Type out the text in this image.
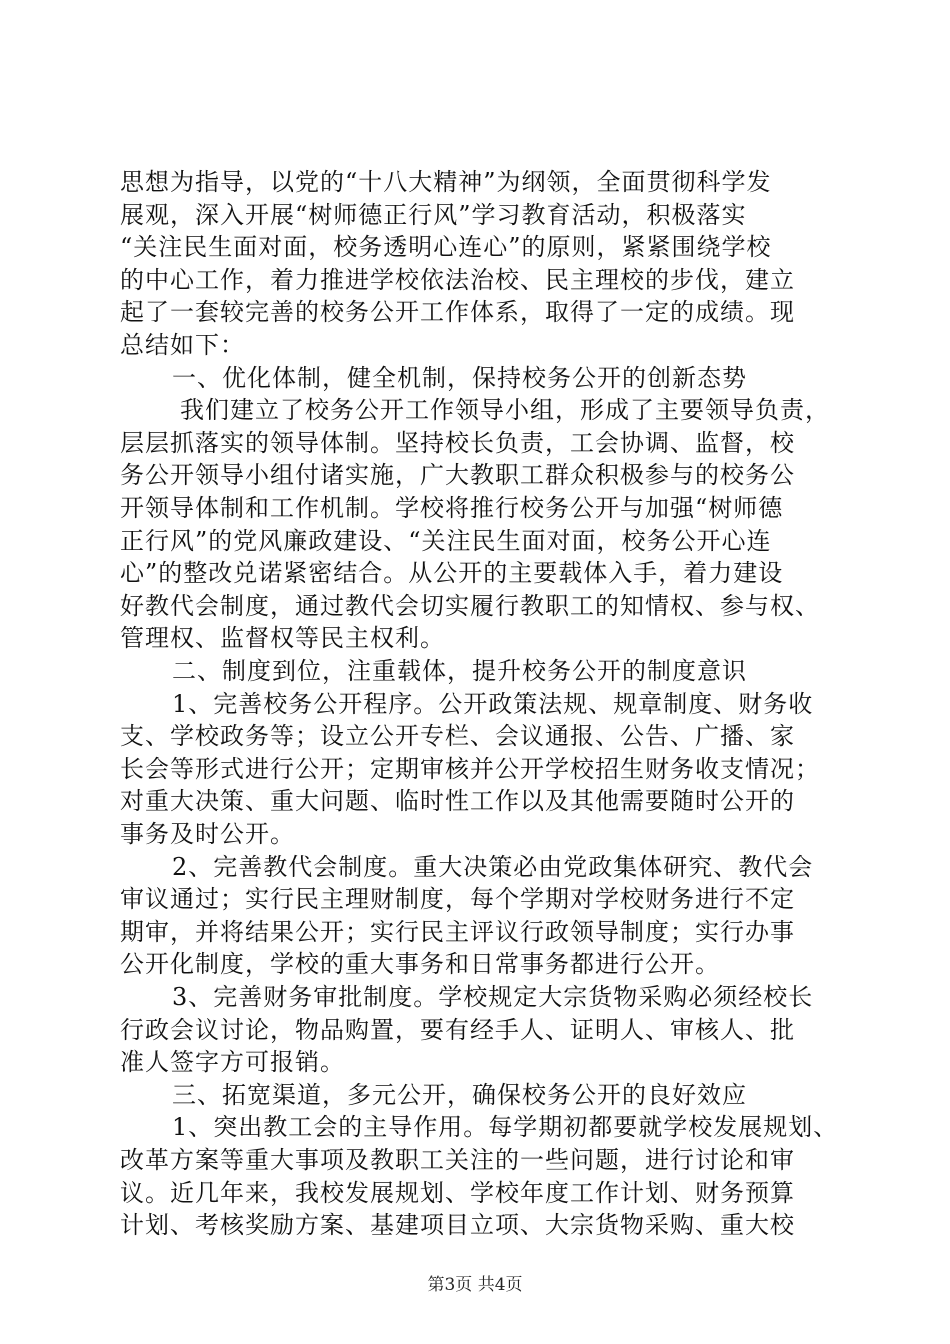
思想为指导，以党的“十八大精神”为纲领，全面贯彻科学发
展观，深入开展“树师德正行风”学习教育活动，积极落实
“关注民生面对面，校务透明心连心”的原则，紧紧围绕学校
的中心工作，着力推进学校依法治校、民主理校的步伐，建立
起了一套较完善的校务公开工作体系，取得了一定的成绩。现
总结如下：
一、优化体制，健全机制，保持校务公开的创新态势
我们建立了校务公开工作领导小组，形成了主要领导负责，
层层抓落实的领导体制。坚持校长负责，工会协调、监督，校
务公开领导小组付诸实施，广大教职工群众积极参与的校务公
开领导体制和工作机制。学校将推行校务公开与加强“树师德
正行风”的党风廉政建设、“关注民生面对面，校务公开心连
心”的整改兑诺紧密结合。从公开的主要载体入手，着力建设
好教代会制度，通过教代会切实履行教职工的知情权、参与权、
管理权、监督权等民主权利。
二、制度到位，注重载体，提升校务公开的制度意识
1、完善校务公开程序。公开政策法规、规章制度、财务收
支、学校政务等；设立公开专栏、会议通报、公告、广播、家
长会等形式进行公开；定期审核并公开学校招生财务收支情况；
对重大决策、重大问题、临时性工作以及其他需要随时公开的
事务及时公开。
2、完善教代会制度。重大决策必由党政集体研究、教代会
审议通过；实行民主理财制度，每个学期对学校财务进行不定
期审，并将结果公开；实行民主评议行政领导制度；实行办事
公开化制度，学校的重大事务和日常事务都进行公开。
3、完善财务审批制度。学校规定大宗货物采购必须经校长
行政会议讨论，物品购置，要有经手人、证明人、审核人、批
准人签字方可报销。
三、拓宽渠道，多元公开，确保校务公开的良好效应
1、突出教工会的主导作用。每学期初都要就学校发展规划、
改革方案等重大事项及教职工关注的一些问题，进行讨论和审
议。近几年来，我校发展规划、学校年度工作计划、财务预算
计划、考核奖励方案、基建项目立项、大宗货物采购、重大校
第3页 共4页
